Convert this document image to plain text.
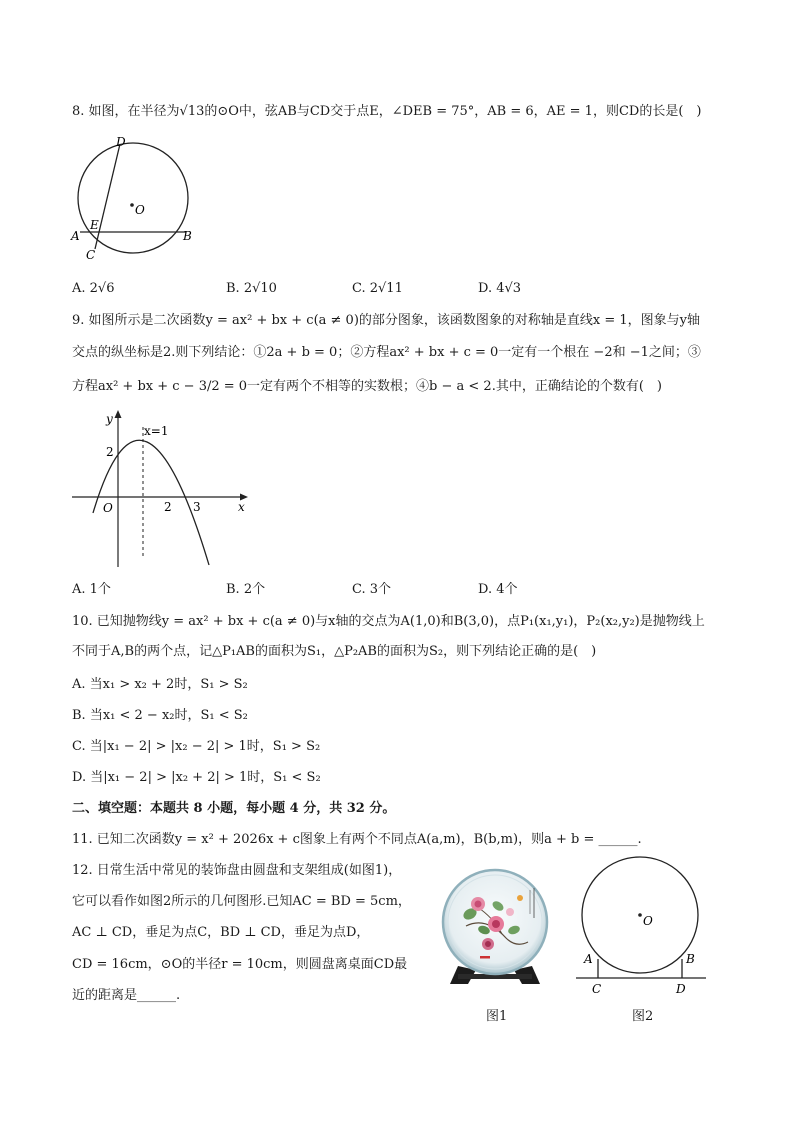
8. 如图，在半径为√13的⊙O中，弦AB与CD交于点E，∠DEB = 75°，AB = 6，AE = 1，则CD的长是(　)
D
O
E
A	B
C
A. 2√6	B. 2√10	C. 2√11	D. 4√3
9. 如图所示是二次函数y = ax² + bx + c(a ≠ 0)的部分图象，该函数图象的对称轴是直线x = 1，图象与y轴
交点的纵坐标是2.则下列结论：①2a + b = 0；②方程ax² + bx + c = 0一定有一个根在 −2和 −1之间；③
方程ax² + bx + c − 3/2 = 0一定有两个不相等的实数根；④b − a < 2.其中，正确结论的个数有(　)
y
x=1
2
O	2 3	x
A. 1个	B. 2个	C. 3个	D. 4个
10. 已知抛物线y = ax² + bx + c(a ≠ 0)与x轴的交点为A(1,0)和B(3,0)，点P₁(x₁,y₁)，P₂(x₂,y₂)是抛物线上
不同于A,B的两个点，记△P₁AB的面积为S₁，△P₂AB的面积为S₂，则下列结论正确的是(　)
A. 当x₁ > x₂ + 2时，S₁ > S₂
B. 当x₁ < 2 − x₂时，S₁ < S₂
C. 当|x₁ − 2| > |x₂ − 2| > 1时，S₁ > S₂
D. 当|x₁ − 2| > |x₂ + 2| > 1时，S₁ < S₂
二、填空题：本题共 8 小题，每小题 4 分，共 32 分。
11. 已知二次函数y = x² + 2026x + c图象上有两个不同点A(a,m)，B(b,m)，则a + b = ______.
12. 日常生活中常见的装饰盘由圆盘和支架组成(如图1)，
它可以看作如图2所示的几何图形.已知AC = BD = 5cm，
AC ⊥ CD，垂足为点C，BD ⊥ CD，垂足为点D，
CD = 16cm，⊙O的半径r = 10cm，则圆盘离桌面CD最
近的距离是______.
图1
O
A	B
C	D
图2
